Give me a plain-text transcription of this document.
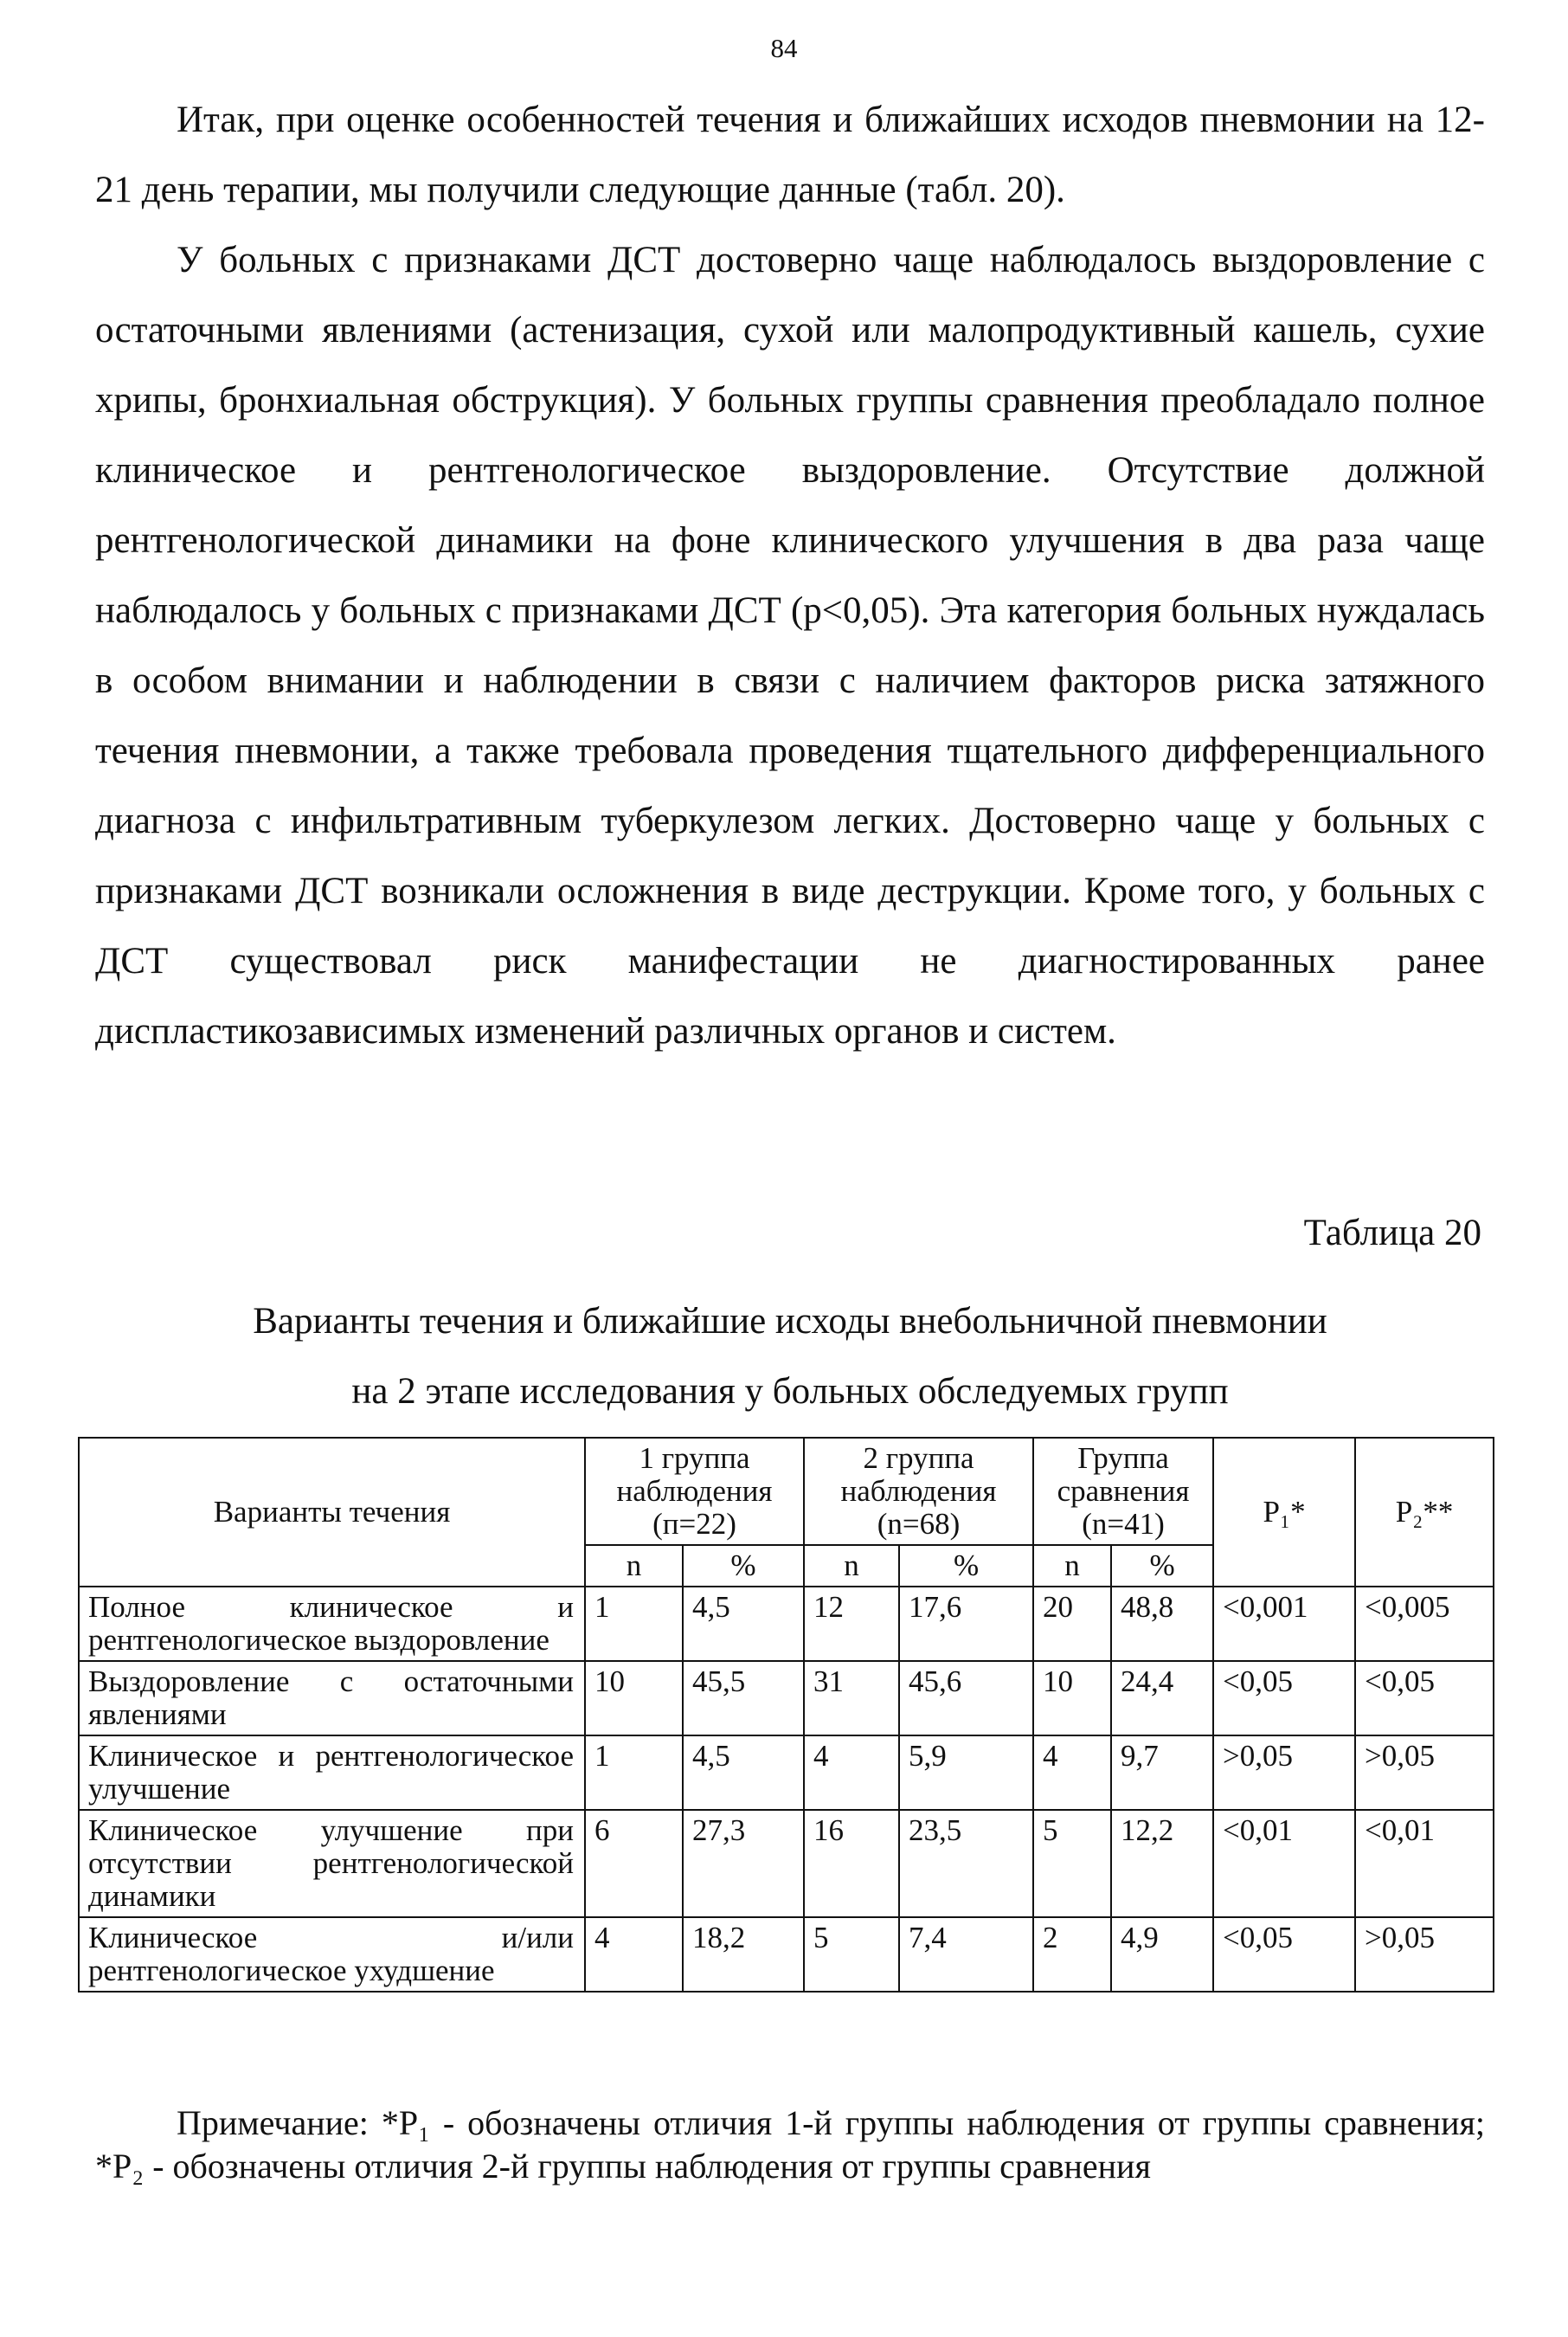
84

Итак, при оценке особенностей течения и ближайших исходов пневмонии на 12-21 день терапии, мы получили следующие данные (табл. 20).

У больных с признаками ДСТ достоверно чаще наблюдалось выздоровление с остаточными явлениями (астенизация, сухой или малопродуктивный кашель, сухие хрипы, бронхиальная обструкция). У больных группы сравнения преобладало полное клиническое и рентгенологическое выздоровление. Отсутствие должной рентгенологической динамики на фоне клинического улучшения в два раза чаще наблюдалось у больных с признаками ДСТ (p<0,05). Эта категория больных нуждалась в особом внимании и наблюдении в связи с наличием факторов риска затяжного течения пневмонии, а также требовала проведения тщательного дифференциального диагноза с инфильтративным туберкулезом легких. Достоверно чаще у больных с признаками ДСТ возникали осложнения в виде деструкции. Кроме того, у больных с ДСТ существовал риск манифестации не диагностированных ранее диспластикозависимых изменений различных органов и систем.

Таблица 20
Варианты течения и ближайшие исходы внебольничной пневмонии
на 2 этапе исследования у больных обследуемых групп
Варианты течения	1 группа наблюдения (п=22)		2 группа наблюдения (n=68)		Группа сравнения (n=41)		P₁*	P₂**
	n	%	n	%	n	%		
Полное клиническое и рентгенологическое выздоровление	1	4,5	12	17,6	20	48,8	<0,001	<0,005
Выздоровление с остаточными явлениями	10	45,5	31	45,6	10	24,4	<0,05	<0,05
Клиническое и рентгенологическое улучшение	1	4,5	4	5,9	4	9,7	>0,05	>0,05
Клиническое улучшение при отсутствии рентгенологической динамики	6	27,3	16	23,5	5	12,2	<0,01	<0,01
Клиническое и/или рентгенологическое ухудшение	4	18,2	5	7,4	2	4,9	<0,05	>0,05

Примечание: *P₁ - обозначены отличия 1-й группы наблюдения от группы сравнения; *P₂ - обозначены отличия 2-й группы наблюдения от группы сравнения
